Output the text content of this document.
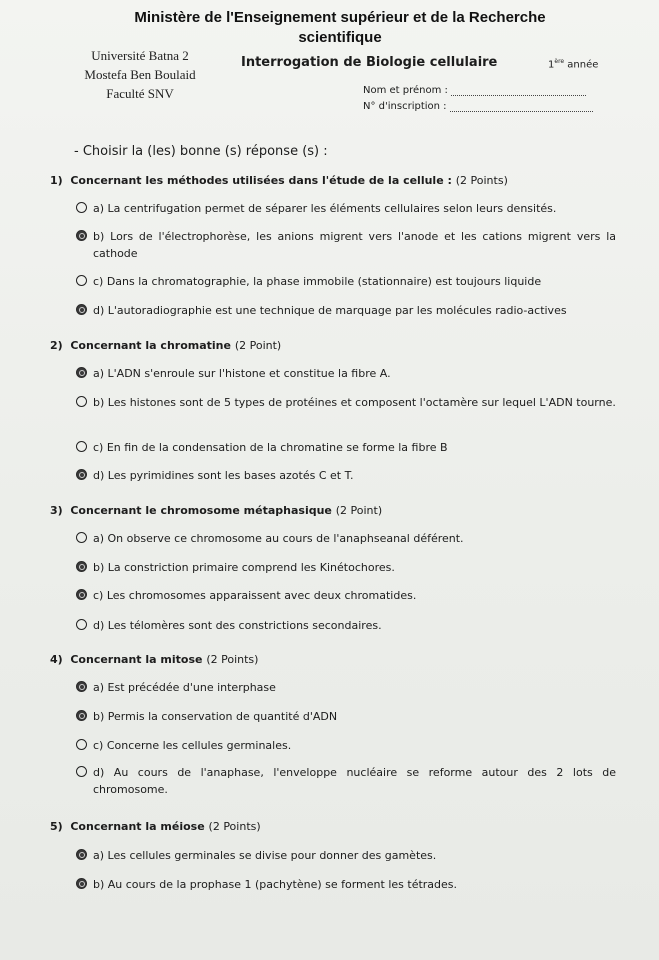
Ministère de l'Enseignement supérieur et de la Recherche
scientifique
Université Batna 2
Mostefa Ben Boulaid
Faculté SNV
Interrogation de Biologie cellulaire	1ère année
Nom et prénom :
N° d'inscription :
- Choisir la (les) bonne (s) réponse (s) :
1) Concernant les méthodes utilisées dans l'étude de la cellule : (2 Points)
a) La centrifugation permet de séparer les éléments cellulaires selon leurs densités.
b) Lors de l'électrophorèse, les anions migrent vers l'anode et les cations migrent vers la cathode
c) Dans la chromatographie, la phase immobile (stationnaire) est toujours liquide
d) L'autoradiographie est une technique de marquage par les molécules radio-actives
2) Concernant la chromatine (2 Point)
a) L'ADN s'enroule sur l'histone et constitue la fibre A.
b) Les histones sont de 5 types de protéines et composent l'octamère sur lequel L'ADN tourne.
c) En fin de la condensation de la chromatine se forme la fibre B
d) Les pyrimidines sont les bases azotés C et T.
3) Concernant le chromosome métaphasique (2 Point)
a) On observe ce chromosome au cours de l'anaphseanal déférent.
b) La constriction primaire comprend les Kinétochores.
c) Les chromosomes apparaissent avec deux chromatides.
d) Les télomères sont des constrictions secondaires.
4) Concernant la mitose (2 Points)
a) Est précédée d'une interphase
b) Permis la conservation de quantité d'ADN
c) Concerne les cellules germinales.
d) Au cours de l'anaphase, l'enveloppe nucléaire se reforme autour des 2 lots de chromosome.
5) Concernant la méiose (2 Points)
a) Les cellules germinales se divise pour donner des gamètes.
b) Au cours de la prophase 1 (pachytène) se forment les tétrades.
